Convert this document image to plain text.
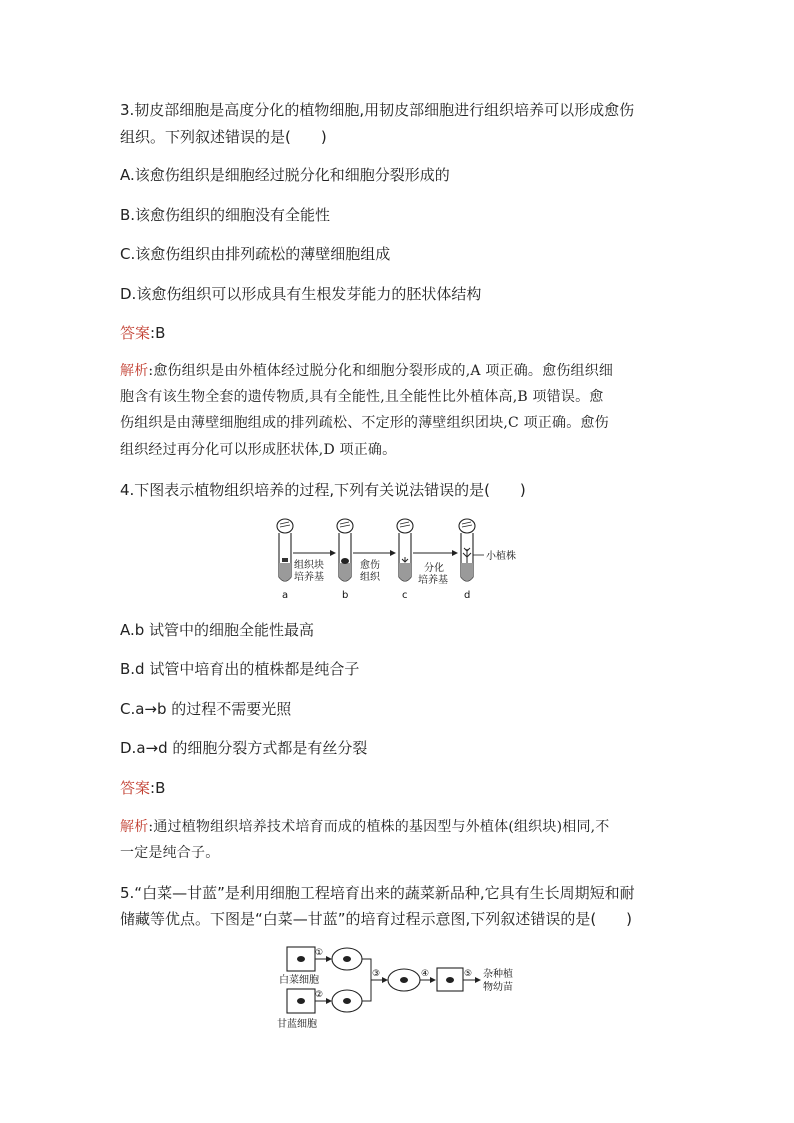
3.韧皮部细胞是高度分化的植物细胞,用韧皮部细胞进行组织培养可以形成愈伤
组织。下列叙述错误的是(　　)
A.该愈伤组织是细胞经过脱分化和细胞分裂形成的
B.该愈伤组织的细胞没有全能性
C.该愈伤组织由排列疏松的薄壁细胞组成
D.该愈伤组织可以形成具有生根发芽能力的胚状体结构
答案:B
解析:愈伤组织是由外植体经过脱分化和细胞分裂形成的,A 项正确。愈伤组织细
胞含有该生物全套的遗传物质,具有全能性,且全能性比外植体高,B 项错误。愈
伤组织是由薄壁细胞组成的排列疏松、不定形的薄壁组织团块,C 项正确。愈伤
组织经过再分化可以形成胚状体,D 项正确。
4.下图表示植物组织培养的过程,下列有关说法错误的是(　　)
组织块
培养基
愈伤
组织
分化
培养基
小植株
a	b	c	d
A.b 试管中的细胞全能性最高
B.d 试管中培育出的植株都是纯合子
C.a→b 的过程不需要光照
D.a→d 的细胞分裂方式都是有丝分裂
答案:B
解析:通过植物组织培养技术培育而成的植株的基因型与外植体(组织块)相同,不
一定是纯合子。
5.“白菜—甘蓝”是利用细胞工程培育出来的蔬菜新品种,它具有生长周期短和耐
储藏等优点。下图是“白菜—甘蓝”的培育过程示意图,下列叙述错误的是(　　)
①
白菜细胞
②
甘蓝细胞
③	④	⑤ 杂种植
物幼苗
